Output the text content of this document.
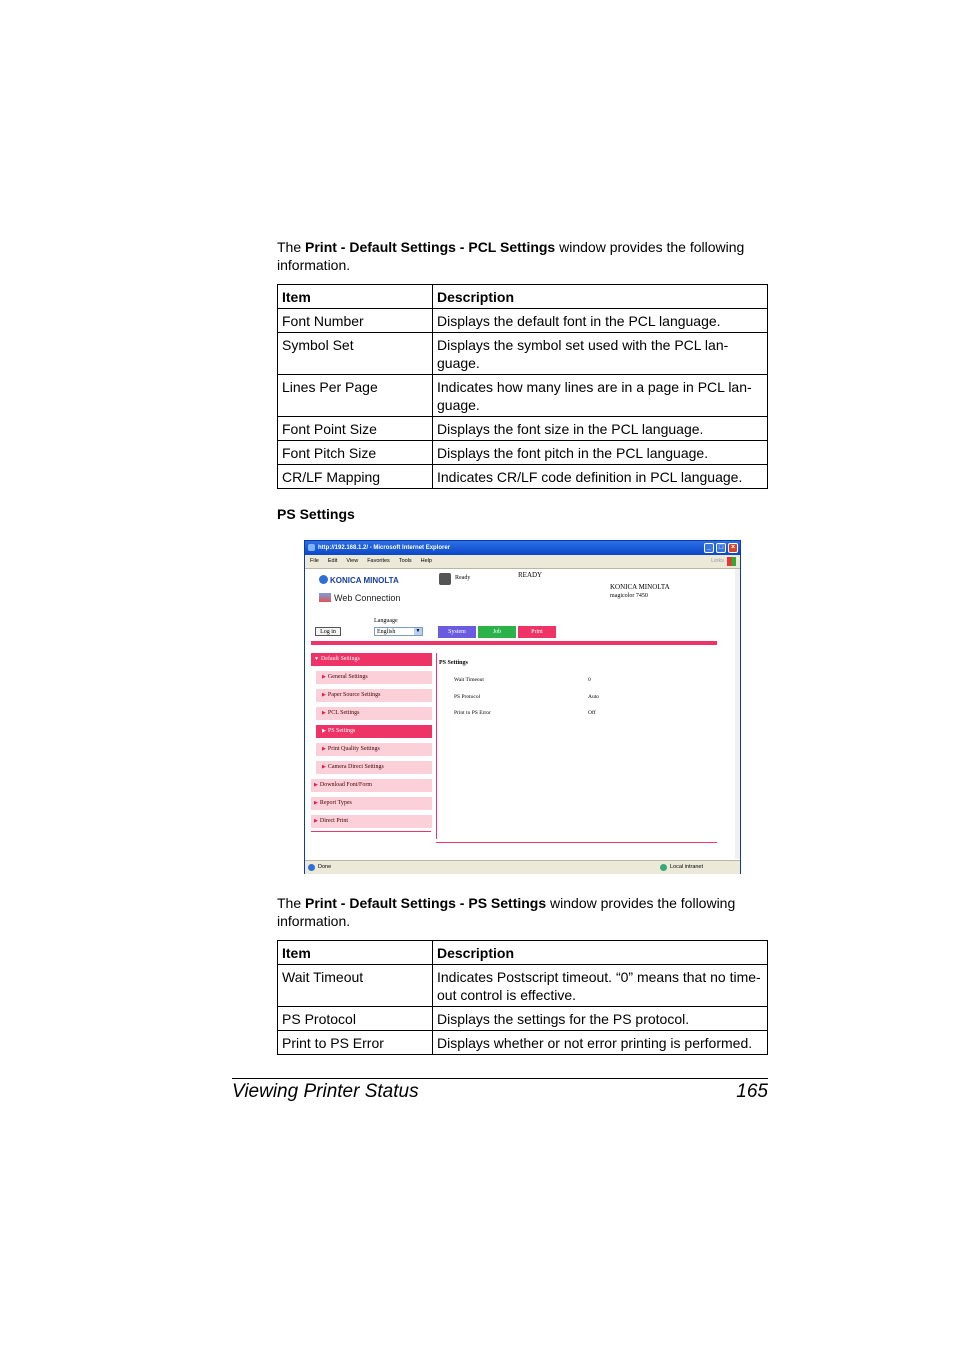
The Print - Default Settings - PCL Settings window provides the following information.
Item	Description
Font Number	Displays the default font in the PCL language.
Symbol Set	Displays the symbol set used with the PCL lan-guage.
Lines Per Page	Indicates how many lines are in a page in PCL lan-guage.
Font Point Size	Displays the font size in the PCL language.
Font Pitch Size	Displays the font pitch in the PCL language.
CR/LF Mapping	Indicates CR/LF code definition in PCL language.
PS Settings
http://192.168.1.2/ - Microsoft Internet Explorer	_	□	×
File Edit View Favorites Tools Help	Links
KONICA MINOLTA
Web Connection
Ready	READY
KONICA MINOLTA
magicolor 7450
Language
English	▼
Log in	System	Job	Print
▼ Default Settings
▶ General Settings
▶ Paper Source Settings
▶ PCL Settings
▶ PS Settings
▶ Print Quality Settings
▶ Camera Direct Settings
▶ Download Font/Form
▶ Report Types
▶ Direct Print
PS Settings
Wait Timeout	0
PS Protocol	Auto
Print to PS Error	Off
Done	Local intranet
The Print - Default Settings - PS Settings window provides the following information.
Item	Description
Wait Timeout	Indicates Postscript timeout. “0” means that no time-out control is effective.
PS Protocol	Displays the settings for the PS protocol.
Print to PS Error	Displays whether or not error printing is performed.
Viewing Printer Status	165
